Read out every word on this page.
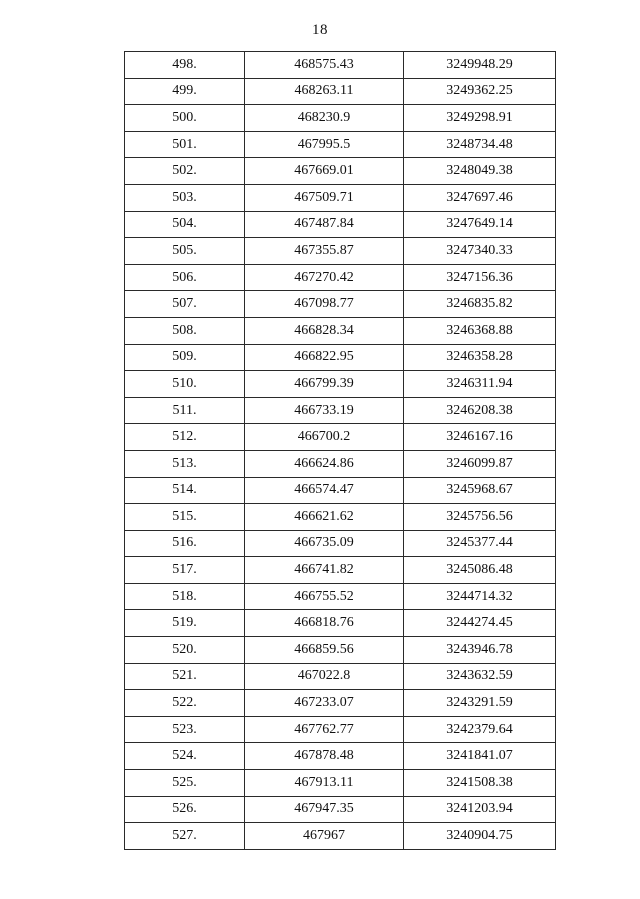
18
498.	468575.43	3249948.29
499.	468263.11	3249362.25
500.	468230.9	3249298.91
501.	467995.5	3248734.48
502.	467669.01	3248049.38
503.	467509.71	3247697.46
504.	467487.84	3247649.14
505.	467355.87	3247340.33
506.	467270.42	3247156.36
507.	467098.77	3246835.82
508.	466828.34	3246368.88
509.	466822.95	3246358.28
510.	466799.39	3246311.94
511.	466733.19	3246208.38
512.	466700.2	3246167.16
513.	466624.86	3246099.87
514.	466574.47	3245968.67
515.	466621.62	3245756.56
516.	466735.09	3245377.44
517.	466741.82	3245086.48
518.	466755.52	3244714.32
519.	466818.76	3244274.45
520.	466859.56	3243946.78
521.	467022.8	3243632.59
522.	467233.07	3243291.59
523.	467762.77	3242379.64
524.	467878.48	3241841.07
525.	467913.11	3241508.38
526.	467947.35	3241203.94
527.	467967	3240904.75
